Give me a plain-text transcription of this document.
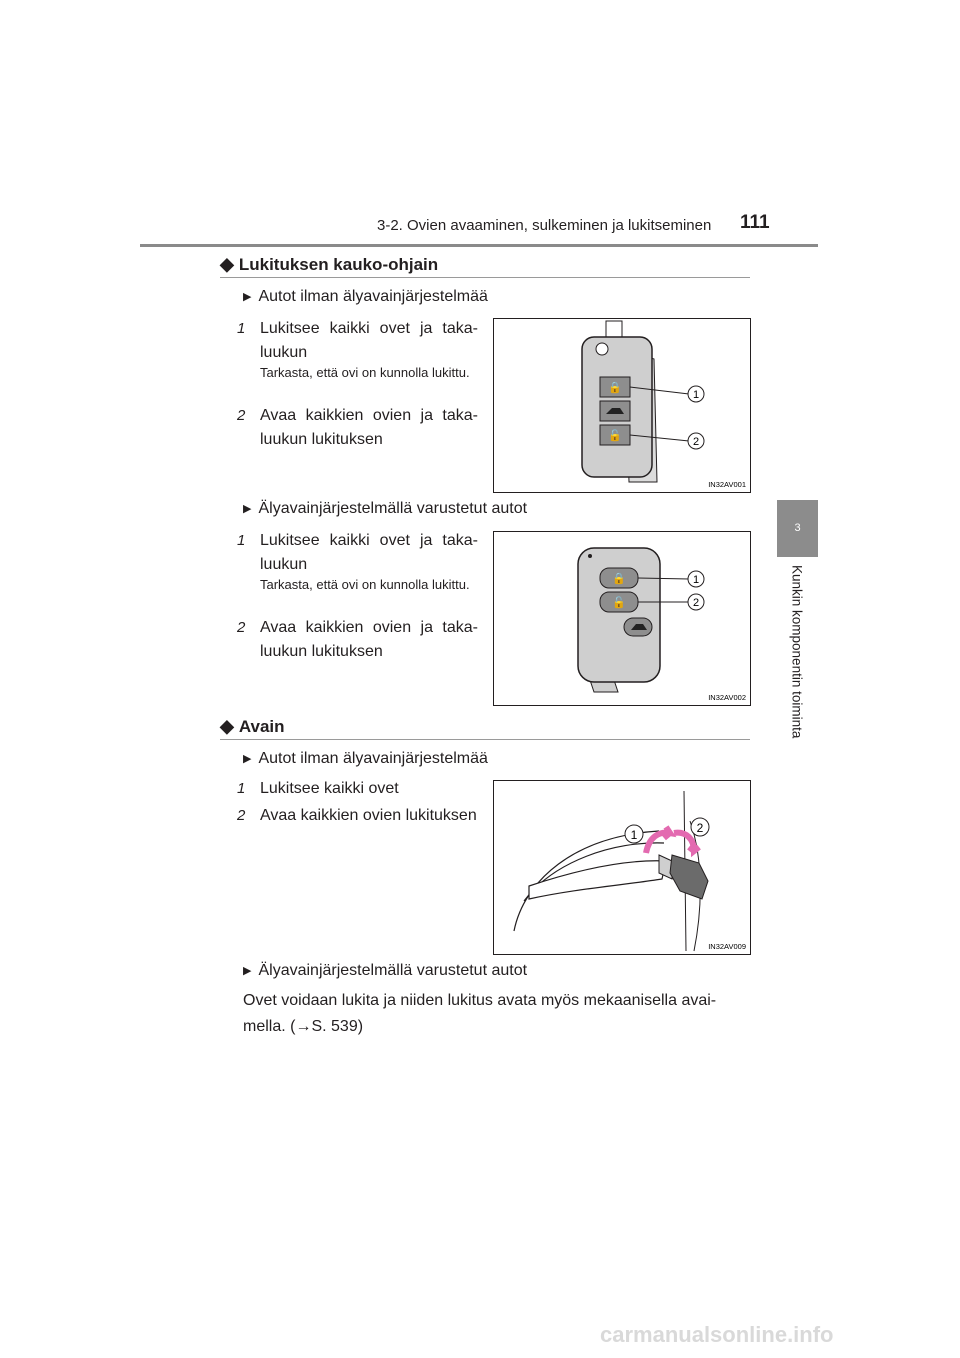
3-2. Ovien avaaminen, sulkeminen ja lukitseminen 111
3
Kunkin komponentin toiminta
◆ Lukituksen kauko-ohjain
▶ Autot ilman älyavainjärjestelmää
1 Lukitsee kaikki ovet ja taka-luukun
Tarkasta, että ovi on kunnolla lukittu.
2 Avaa kaikkien ovien ja taka-luukun lukituksen
🔒
🔓
1
2
IN32AV001
▶ Älyavainjärjestelmällä varustetut autot
1 Lukitsee kaikki ovet ja taka-luukun
Tarkasta, että ovi on kunnolla lukittu.
2 Avaa kaikkien ovien ja taka-luukun lukituksen
🔒
🔓
1
2
IN32AV002
◆ Avain
▶ Autot ilman älyavainjärjestelmää
1 Lukitsee kaikki ovet
2 Avaa kaikkien ovien lukituksen
1	2
IN32AV009
▶ Älyavainjärjestelmällä varustetut autot
Ovet voidaan lukita ja niiden lukitus avata myös mekaanisella avai-mella. (→S. 539)
carmanualsonline.info
